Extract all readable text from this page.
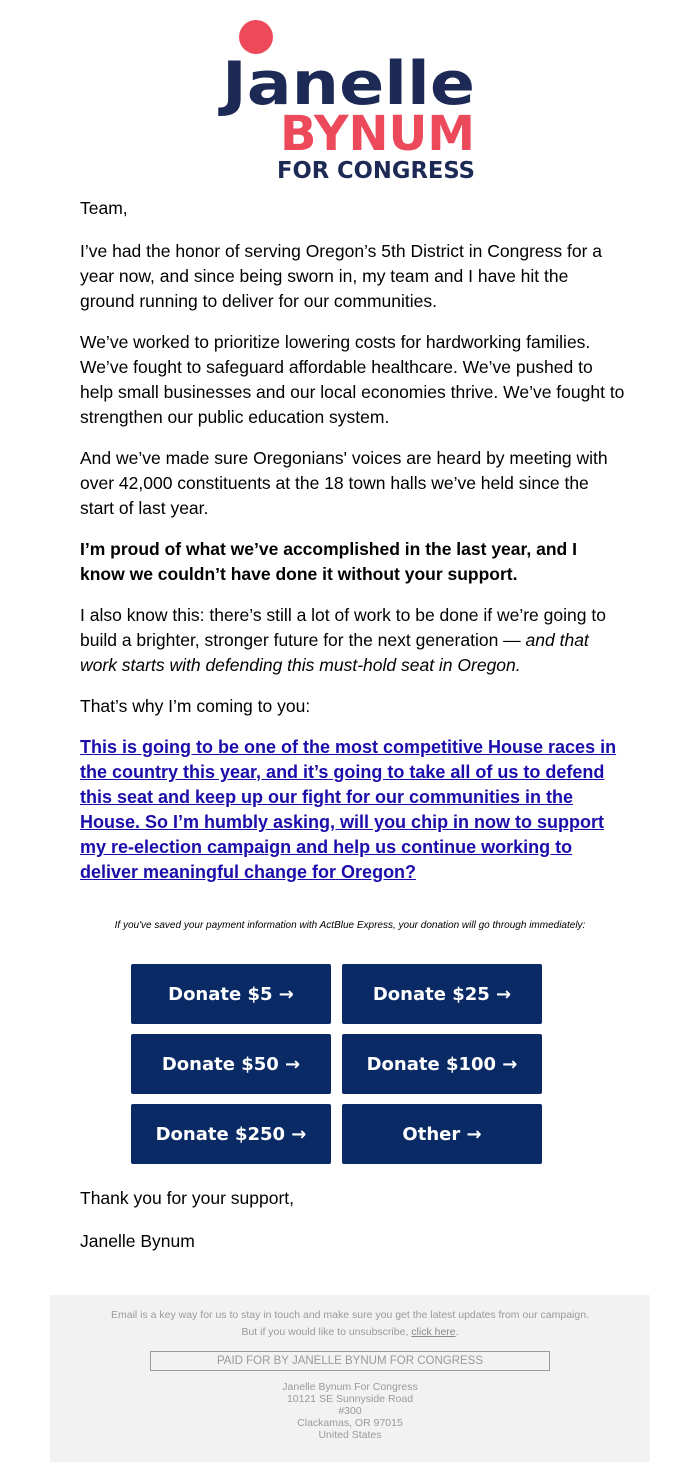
Janelle
BYNUM
FOR CONGRESS

Team,

I’ve had the honor of serving Oregon’s 5th District in Congress for a year now, and since being sworn in, my team and I have hit the ground running to deliver for our communities.

We’ve worked to prioritize lowering costs for hardworking families. We’ve fought to safeguard affordable healthcare. We’ve pushed to help small businesses and our local economies thrive. We’ve fought to strengthen our public education system.

And we’ve made sure Oregonians' voices are heard by meeting with over 42,000 constituents at the 18 town halls we’ve held since the start of last year.

I’m proud of what we’ve accomplished in the last year, and I know we couldn’t have done it without your support.

I also know this: there’s still a lot of work to be done if we’re going to build a brighter, stronger future for the next generation — and that work starts with defending this must-hold seat in Oregon.

That’s why I’m coming to you:

This is going to be one of the most competitive House races in the country this year, and it’s going to take all of us to defend this seat and keep up our fight for our communities in the House. So I’m humbly asking, will you chip in now to support my re-election campaign and help us continue working to deliver meaningful change for Oregon?
If you've saved your payment information with ActBlue Express, your donation will go through immediately:
Donate $5 →	Donate $25 →
Donate $50 →	Donate $100 →
Donate $250 →	Other →
Thank you for your support,
Janelle Bynum
Email is a key way for us to stay in touch and make sure you get the latest updates from our campaign.
But if you would like to unsubscribe, click here.
PAID FOR BY JANELLE BYNUM FOR CONGRESS
Janelle Bynum For Congress
10121 SE Sunnyside Road
#300
Clackamas, OR 97015
United States
